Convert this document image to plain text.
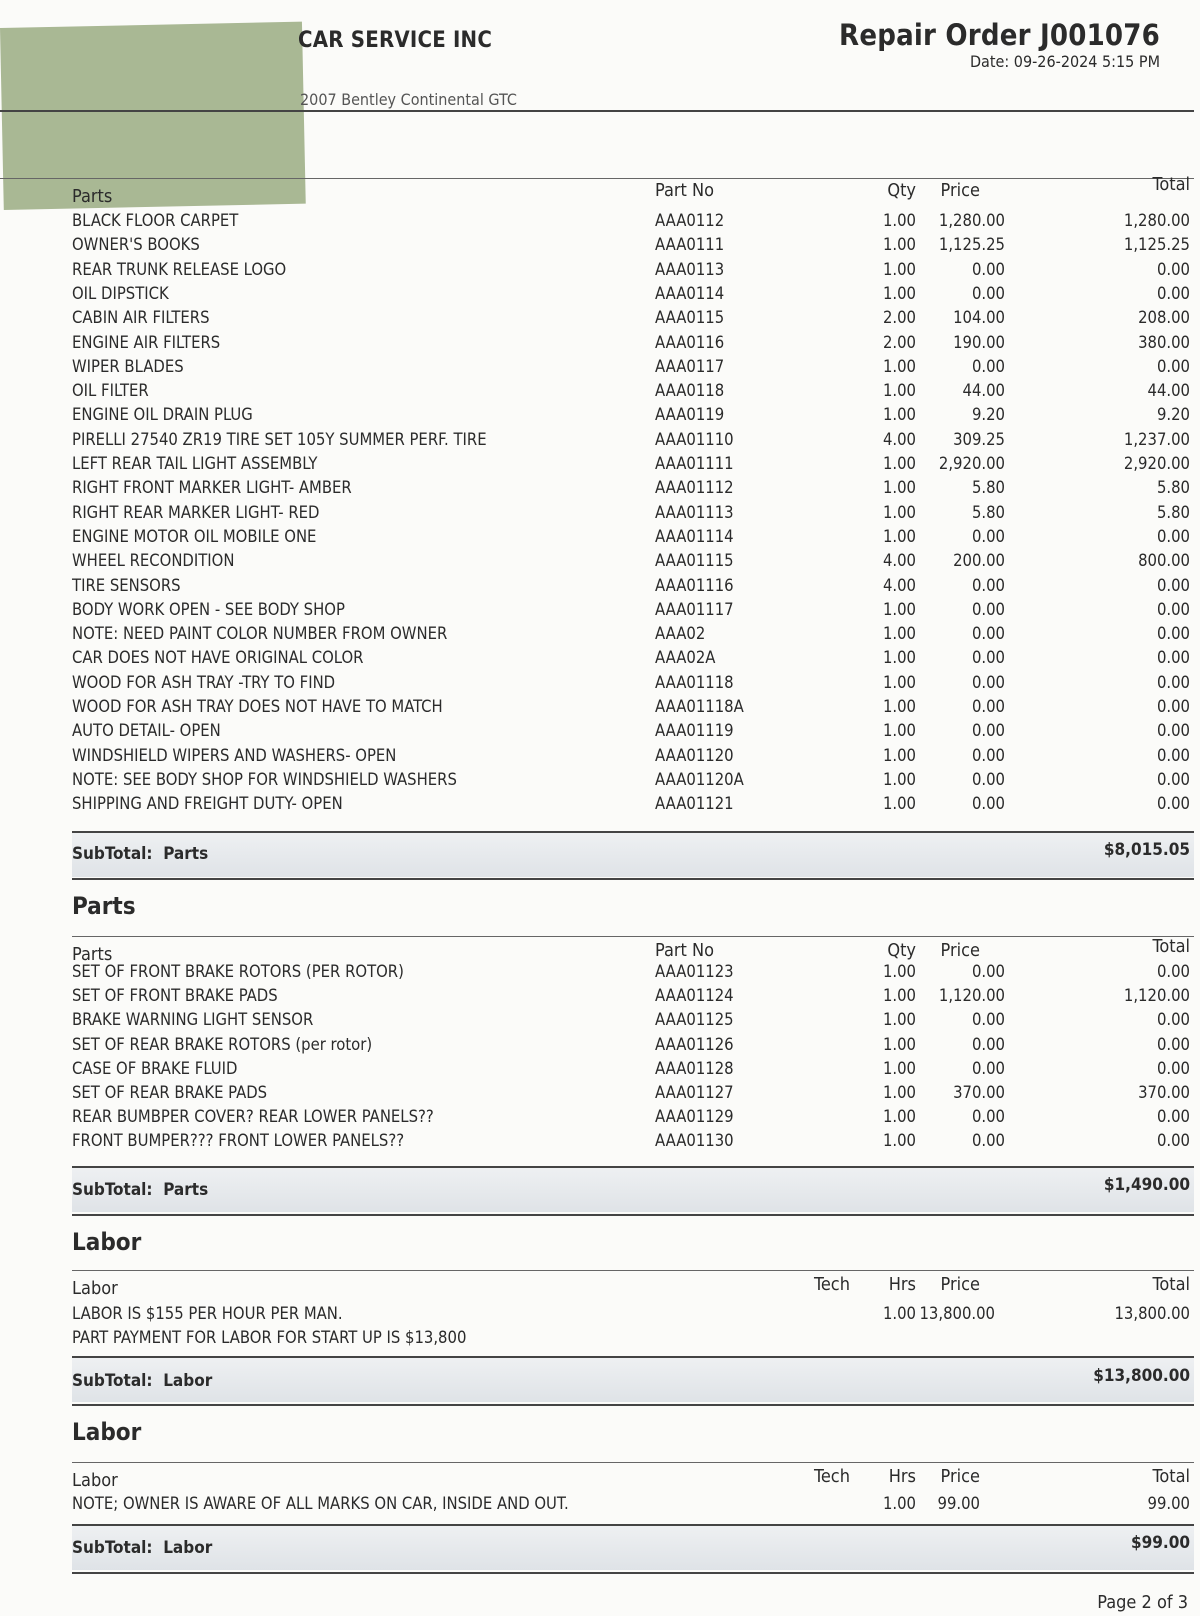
CAR SERVICE INC
2007 Bentley Continental GTC
Repair Order J001076
Date: 09-26-2024 5:15 PM
Parts	Part No	Qty Price	Total
BLACK FLOOR CARPET	AAA0112	1.00 1,280.00	1,280.00
OWNER'S BOOKS	AAA0111	1.00 1,125.25	1,125.25
REAR TRUNK RELEASE LOGO	AAA0113	1.00	0.00	0.00
OIL DIPSTICK	AAA0114	1.00	0.00	0.00
CABIN AIR FILTERS	AAA0115	2.00 104.00	208.00
ENGINE AIR FILTERS	AAA0116	2.00 190.00	380.00
WIPER BLADES	AAA0117	1.00	0.00	0.00
OIL FILTER	AAA0118	1.00	44.00	44.00
ENGINE OIL DRAIN PLUG	AAA0119	1.00	9.20	9.20
PIRELLI 27540 ZR19 TIRE SET 105Y SUMMER PERF. TIRE	AAA01110	4.00 309.25	1,237.00
LEFT REAR TAIL LIGHT ASSEMBLY	AAA01111	1.00 2,920.00	2,920.00
RIGHT FRONT MARKER LIGHT- AMBER	AAA01112	1.00	5.80	5.80
RIGHT REAR MARKER LIGHT- RED	AAA01113	1.00	5.80	5.80
ENGINE MOTOR OIL MOBILE ONE	AAA01114	1.00	0.00	0.00
WHEEL RECONDITION	AAA01115	4.00 200.00	800.00
TIRE SENSORS	AAA01116	4.00	0.00	0.00
BODY WORK OPEN - SEE BODY SHOP	AAA01117	1.00	0.00	0.00
NOTE: NEED PAINT COLOR NUMBER FROM OWNER	AAA02	1.00	0.00	0.00
CAR DOES NOT HAVE ORIGINAL COLOR	AAA02A	1.00	0.00	0.00
WOOD FOR ASH TRAY -TRY TO FIND	AAA01118	1.00	0.00	0.00
WOOD FOR ASH TRAY DOES NOT HAVE TO MATCH	AAA01118A	1.00	0.00	0.00
AUTO DETAIL- OPEN	AAA01119	1.00	0.00	0.00
WINDSHIELD WIPERS AND WASHERS- OPEN	AAA01120	1.00	0.00	0.00
NOTE: SEE BODY SHOP FOR WINDSHIELD WASHERS	AAA01120A	1.00	0.00	0.00
SHIPPING AND FREIGHT DUTY- OPEN	AAA01121	1.00	0.00	0.00
SubTotal: Parts	$8,015.05
Parts
Parts	Part No	Qty Price	Total
SET OF FRONT BRAKE ROTORS (PER ROTOR)	AAA01123	1.00	0.00	0.00
SET OF FRONT BRAKE PADS	AAA01124	1.00 1,120.00	1,120.00
BRAKE WARNING LIGHT SENSOR	AAA01125	1.00	0.00	0.00
SET OF REAR BRAKE ROTORS (per rotor)	AAA01126	1.00	0.00	0.00
CASE OF BRAKE FLUID	AAA01128	1.00	0.00	0.00
SET OF REAR BRAKE PADS	AAA01127	1.00 370.00	370.00
REAR BUMBPER COVER? REAR LOWER PANELS??	AAA01129	1.00	0.00	0.00
FRONT BUMPER??? FRONT LOWER PANELS??	AAA01130	1.00	0.00	0.00
SubTotal: Parts	$1,490.00
Labor
Labor	Tech Hrs Price	Total
LABOR IS $155 PER HOUR PER MAN.	1.00 13,800.00	13,800.00
PART PAYMENT FOR LABOR FOR START UP IS $13,800
SubTotal: Labor	$13,800.00
Labor
Labor	Tech Hrs Price	Total
NOTE; OWNER IS AWARE OF ALL MARKS ON CAR, INSIDE AND OUT.	1.00 99.00	99.00
SubTotal: Labor	$99.00
Page 2 of 3
